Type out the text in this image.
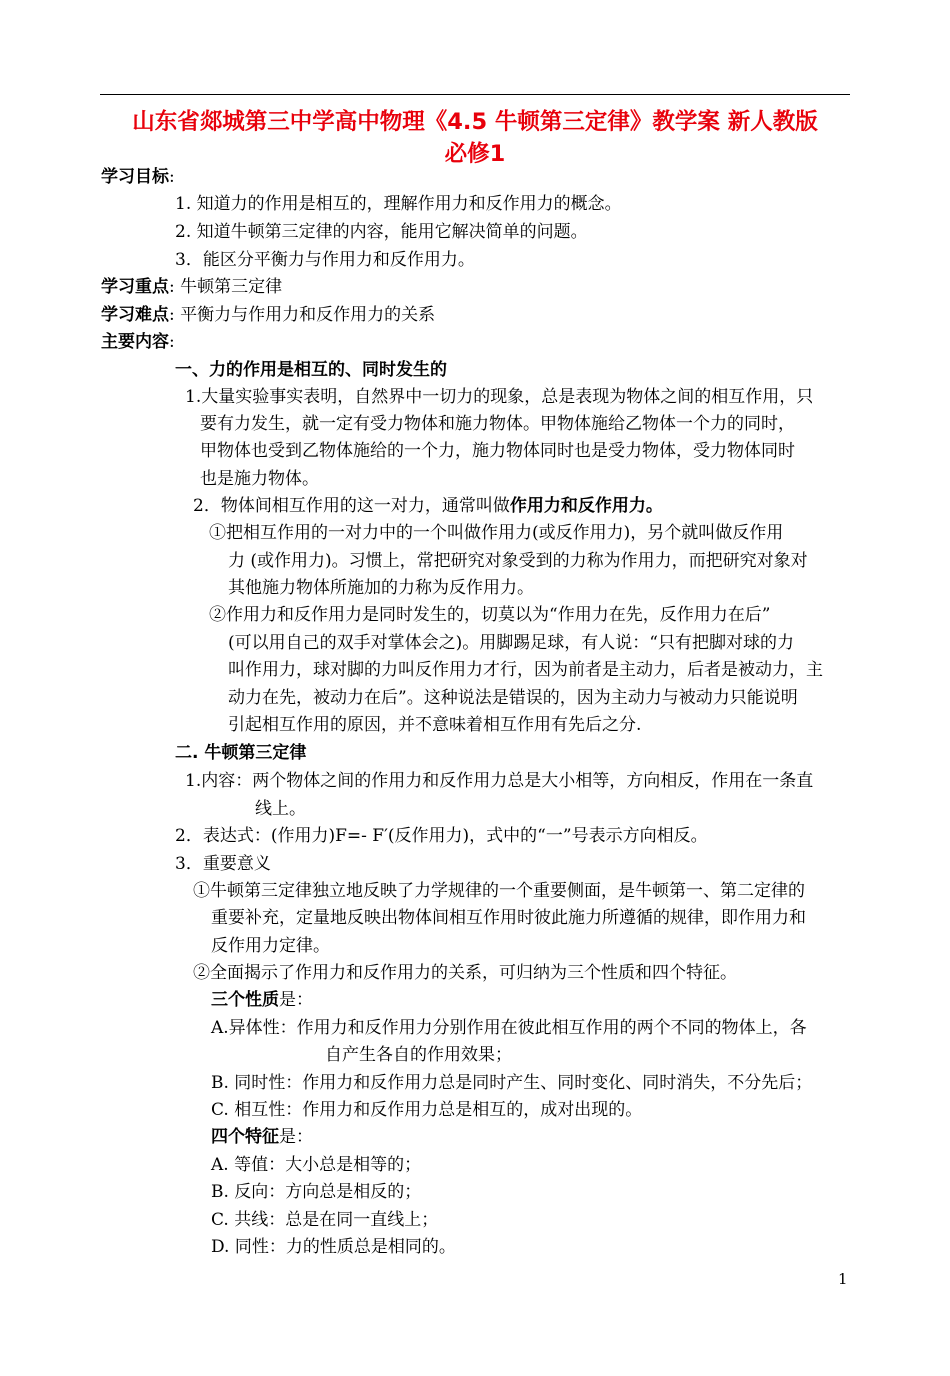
山东省郯城第三中学高中物理《4.5 牛顿第三定律》教学案 新人教版
必修1
学习目标:
1. 知道力的作用是相互的，理解作用力和反作用力的概念。
2. 知道牛顿第三定律的内容，能用它解决简单的问题。
3．能区分平衡力与作用力和反作用力。
学习重点: 牛顿第三定律
学习难点: 平衡力与作用力和反作用力的关系
主要内容:
一、力的作用是相互的、同时发生的
1.大量实验事实表明，自然界中一切力的现象，总是表现为物体之间的相互作用，只
要有力发生，就一定有受力物体和施力物体。甲物体施给乙物体一个力的同时，
甲物体也受到乙物体施给的一个力，施力物体同时也是受力物体，受力物体同时
也是施力物体。
2．物体间相互作用的这一对力，通常叫做作用力和反作用力。
①把相互作用的一对力中的一个叫做作用力(或反作用力)，另个就叫做反作用
力 (或作用力)。习惯上，常把研究对象受到的力称为作用力，而把研究对象对
其他施力物体所施加的力称为反作用力。
②作用力和反作用力是同时发生的，切莫以为“作用力在先，反作用力在后”
(可以用自己的双手对掌体会之)。用脚踢足球，有人说：“只有把脚对球的力
叫作用力，球对脚的力叫反作用力才行，因为前者是主动力，后者是被动力，主
动力在先，被动力在后”。这种说法是错误的，因为主动力与被动力只能说明
引起相互作用的原因，并不意味着相互作用有先后之分.
二. 牛顿第三定律
1.内容：两个物体之间的作用力和反作用力总是大小相等，方向相反，作用在一条直
线上。
2．表达式：(作用力)F=- F′(反作用力)，式中的“一”号表示方向相反。
3．重要意义
①牛顿第三定律独立地反映了力学规律的一个重要侧面，是牛顿第一、第二定律的
重要补充，定量地反映出物体间相互作用时彼此施力所遵循的规律，即作用力和
反作用力定律。
②全面揭示了作用力和反作用力的关系，可归纳为三个性质和四个特征。
三个性质是：
A.异体性：作用力和反作用力分别作用在彼此相互作用的两个不同的物体上，各
自产生各自的作用效果；
B. 同时性：作用力和反作用力总是同时产生、同时变化、同时消失，不分先后；
C. 相互性：作用力和反作用力总是相互的，成对出现的。
四个特征是：
A. 等值：大小总是相等的；
B. 反向：方向总是相反的；
C. 共线：总是在同一直线上；
D. 同性：力的性质总是相同的。
1
